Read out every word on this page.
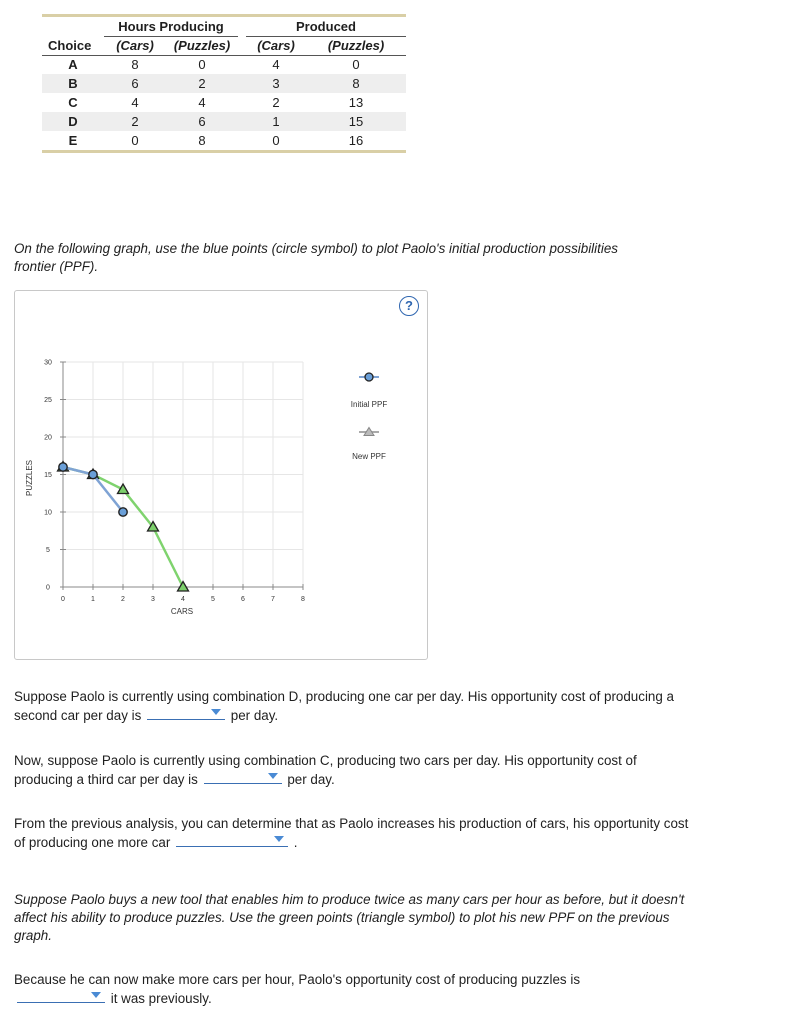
	Hours Producing			Produced	
Choice	(Cars)	(Puzzles)		(Cars)	(Puzzles)
A	8	0		4	0
B	6	2		3	8
C	4	4		2	13
D	2	6		1	15
E	0	8		0	16
On the following graph, use the blue points (circle symbol) to plot Paolo's initial production possibilities frontier (PPF).
?
0	1	2	3	4	5	6	7	8
0
5
10
15
20
25
30
CARS
PUZZLES
Initial PPF
New PPF
Suppose Paolo is currently using combination D, producing one car per day. His opportunity cost of producing a second car per day is	per day.
Now, suppose Paolo is currently using combination C, producing two cars per day. His opportunity cost of producing a third car per day is	per day.
From the previous analysis, you can determine that as Paolo increases his production of cars, his opportunity cost of producing one more car	.
Suppose Paolo buys a new tool that enables him to produce twice as many cars per hour as before, but it doesn't affect his ability to produce puzzles. Use the green points (triangle symbol) to plot his new PPF on the previous graph.
Because he can now make more cars per hour, Paolo's opportunity cost of producing puzzles is

it was previously.
